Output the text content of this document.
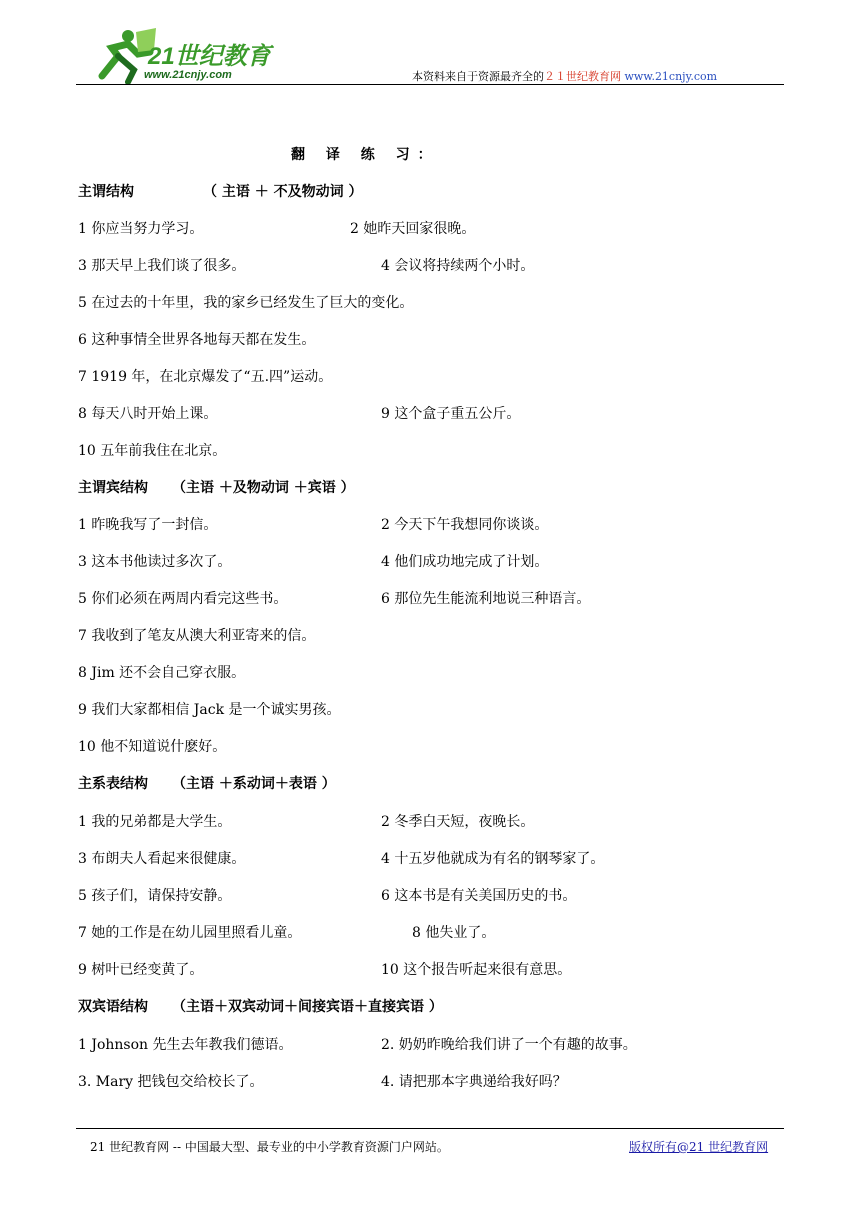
21世纪教育
www.21cnjy.com	本资料来自于资源最齐全的２１世纪教育网 www.21cnjy.com
翻 译 练 习：
主谓结构	（ 主语 ＋ 不及物动词 ）
1 你应当努力学习。	2 她昨天回家很晚。
3 那天早上我们谈了很多。	4 会议将持续两个小时。
5 在过去的十年里，我的家乡已经发生了巨大的变化。
6 这种事情全世界各地每天都在发生。
7 1919 年，在北京爆发了“五.四”运动。
8 每天八时开始上课。	9 这个盒子重五公斤。
10 五年前我住在北京。
主谓宾结构 （主语 ＋及物动词 ＋宾语 ）
1 昨晚我写了一封信。	2 今天下午我想同你谈谈。
3 这本书他读过多次了。	4 他们成功地完成了计划。
5 你们必须在两周内看完这些书。	6 那位先生能流利地说三种语言。
7 我收到了笔友从澳大利亚寄来的信。
8 Jim 还不会自己穿衣服。
9 我们大家都相信 Jack 是一个诚实男孩。
10 他不知道说什麽好。
主系表结构 （主语 ＋系动词＋表语 ）
1 我的兄弟都是大学生。	2 冬季白天短，夜晚长。
3 布朗夫人看起来很健康。	4 十五岁他就成为有名的钢琴家了。
5 孩子们，请保持安静。	6 这本书是有关美国历史的书。
7 她的工作是在幼儿园里照看儿童。	8 他失业了。
9 树叶已经变黄了。	10 这个报告听起来很有意思。
双宾语结构 （主语＋双宾动词＋间接宾语＋直接宾语 ）
1 Johnson 先生去年教我们德语。	2. 奶奶昨晚给我们讲了一个有趣的故事。
3. Mary 把钱包交给校长了。	4. 请把那本字典递给我好吗？
21 世纪教育网 -- 中国最大型、最专业的中小学教育资源门户网站。	版权所有@21 世纪教育网
